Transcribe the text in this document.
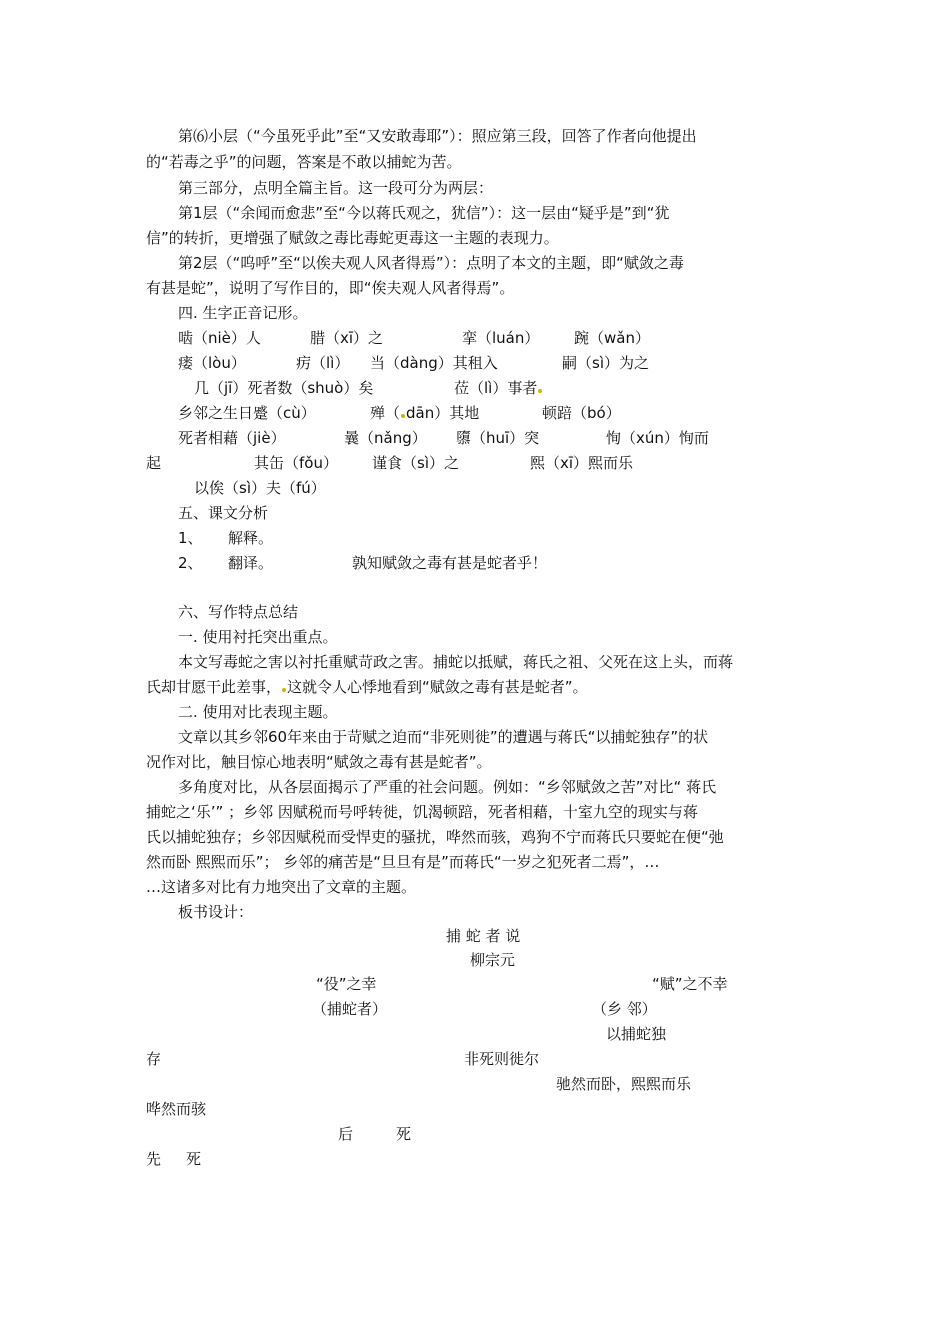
第⑹小层（“今虽死乎此”至“又安敢毒耶”）：照应第三段，回答了作者向他提出
的“若毒之乎”的问题，答案是不敢以捕蛇为苦。
第三部分，点明全篇主旨。这一段可分为两层：
第1层（“余闻而愈悲”至“今以蒋氏观之，犹信”）：这一层由“疑乎是”到“犹
信”的转折，更增强了赋敛之毒比毒蛇更毒这一主题的表现力。
第2层（“呜呼”至“以俟夫观人风者得焉”）：点明了本文的主题，即“赋敛之毒
有甚是蛇”，说明了写作目的，即“俟夫观人风者得焉”。
四. 生字正音记形。
啮（niè）人	腊（xī）之	挛（luán） 踠（wǎn）
瘘（lòu）	疠（lì） 当（dàng）其租入	嗣（sì）为之
几（jī）死者数（shuò）矣	莅（lì）事者
乡邻之生日蹙（cù）	殚（ dān）其地	顿踣（bó）
死者相藉（jiè）	曩（nǎng） 隳（huī）突	恂（xún）恂而
起	其缶（fǒu） 谨食（sì）之	熙（xī）熙而乐
以俟（sì）夫（fú）
五、课文分析
1、 解释。
2、 翻译。	孰知赋敛之毒有甚是蛇者乎！
六、写作特点总结
一. 使用衬托突出重点。
本文写毒蛇之害以衬托重赋苛政之害。捕蛇以抵赋，蒋氏之祖、父死在这上头，而蒋
氏却甘愿干此差事， 这就令人心悸地看到“赋敛之毒有甚是蛇者”。
二. 使用对比表现主题。
文章以其乡邻60年来由于苛赋之迫而“非死则徙”的遭遇与蒋氏“以捕蛇独存”的状
况作对比，触目惊心地表明“赋敛之毒有甚是蛇者”。
多角度对比，从各层面揭示了严重的社会问题。例如：“乡邻赋敛之苦”对比“ 蒋氏
捕蛇之‘乐’” ；乡邻 因赋税而号呼转徙，饥渴顿踣，死者相藉，十室九空的现实与蒋
氏以捕蛇独存；乡邻因赋税而受悍吏的骚扰，哗然而骇，鸡狗不宁而蒋氏只要蛇在便“弛
然而卧 熙熙而乐”； 乡邻的痛苦是“旦旦有是”而蒋氏“一岁之犯死者二焉”，…
…这诸多对比有力地突出了文章的主题。
板书设计：
捕 蛇 者 说
柳宗元
“役”之幸	“赋”之不幸
（捕蛇者）	（乡 邻）
以捕蛇独
存	非死则徙尔
驰然而卧，熙熙而乐
哗然而骇
后	死
先 死
